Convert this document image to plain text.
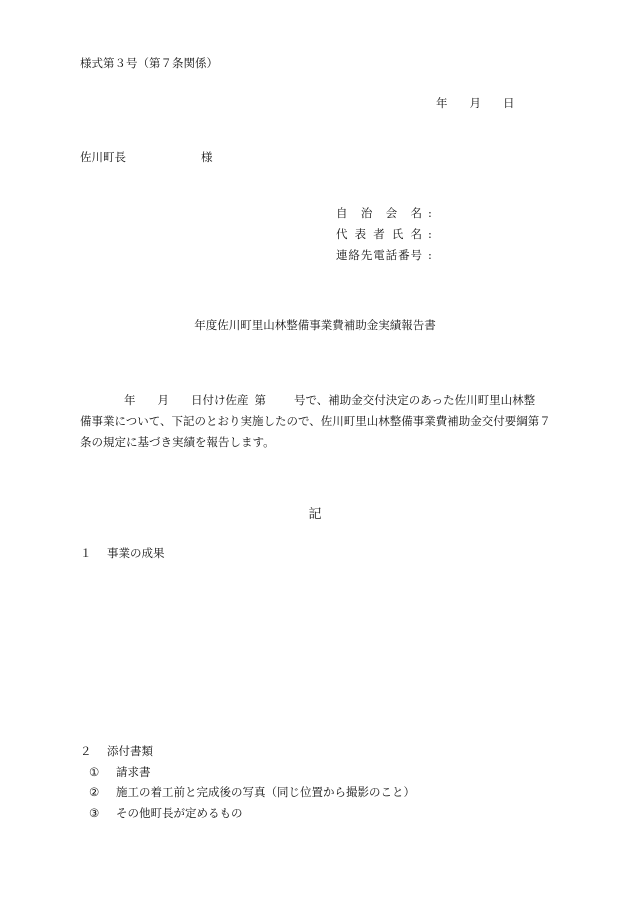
様式第３号（第７条関係）
年 月 日
佐川町長	様
自治会名 :
代表者氏名 :
連絡先電話番号 :
年度佐川町里山林整備事業費補助金実績報告書

年 月 日付け佐産 第 号で、補助金交付決定のあった佐川町里山林整

備事業について、下記のとおり実施したので、佐川町里山林整備事業費補助金交付要綱第７

条の規定に基づき実績を報告します。

記
１ 事業の成果
２ 添付書類
① 請求書
② 施工の着工前と完成後の写真（同じ位置から撮影のこと）
③ その他町長が定めるもの
